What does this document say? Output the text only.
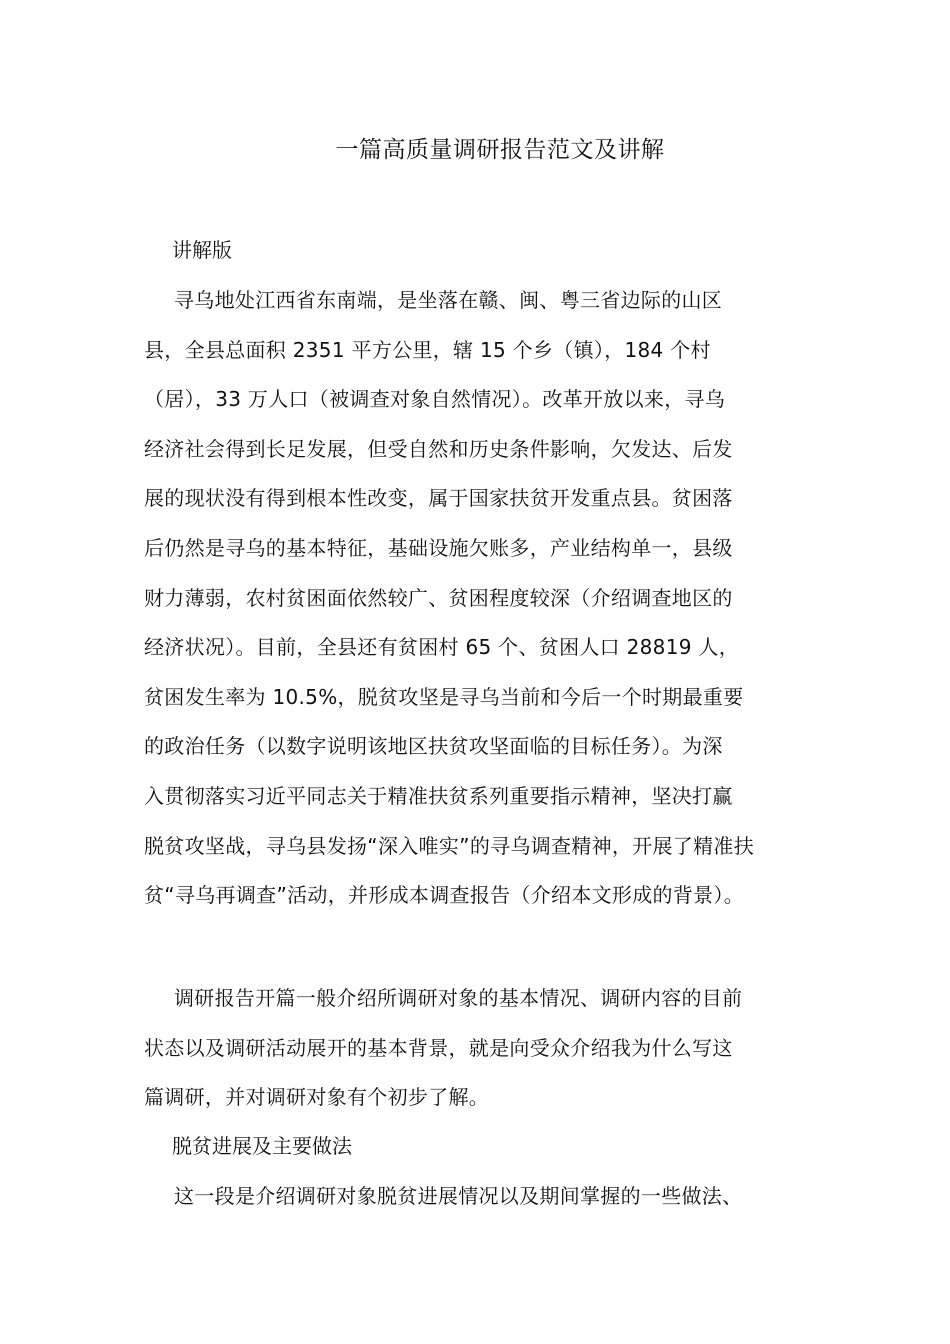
一篇高质量调研报告范文及讲解
讲解版
寻乌地处江西省东南端，是坐落在赣、闽、粤三省边际的山区
县，全县总面积 2351 平方公里，辖 15 个乡（镇），184 个村
（居），33 万人口（被调查对象自然情况）。改革开放以来，寻乌
经济社会得到长足发展，但受自然和历史条件影响，欠发达、后发
展的现状没有得到根本性改变，属于国家扶贫开发重点县。贫困落
后仍然是寻乌的基本特征，基础设施欠账多，产业结构单一，县级
财力薄弱，农村贫困面依然较广、贫困程度较深（介绍调查地区的
经济状况）。目前，全县还有贫困村 65 个、贫困人口 28819 人，
贫困发生率为 10.5%，脱贫攻坚是寻乌当前和今后一个时期最重要
的政治任务（以数字说明该地区扶贫攻坚面临的目标任务）。为深
入贯彻落实习近平同志关于精准扶贫系列重要指示精神，坚决打赢
脱贫攻坚战，寻乌县发扬“深入唯实”的寻乌调查精神，开展了精准扶
贫“寻乌再调查”活动，并形成本调查报告（介绍本文形成的背景）。
调研报告开篇一般介绍所调研对象的基本情况、调研内容的目前
状态以及调研活动展开的基本背景，就是向受众介绍我为什么写这
篇调研，并对调研对象有个初步了解。
脱贫进展及主要做法
这一段是介绍调研对象脱贫进展情况以及期间掌握的一些做法、
